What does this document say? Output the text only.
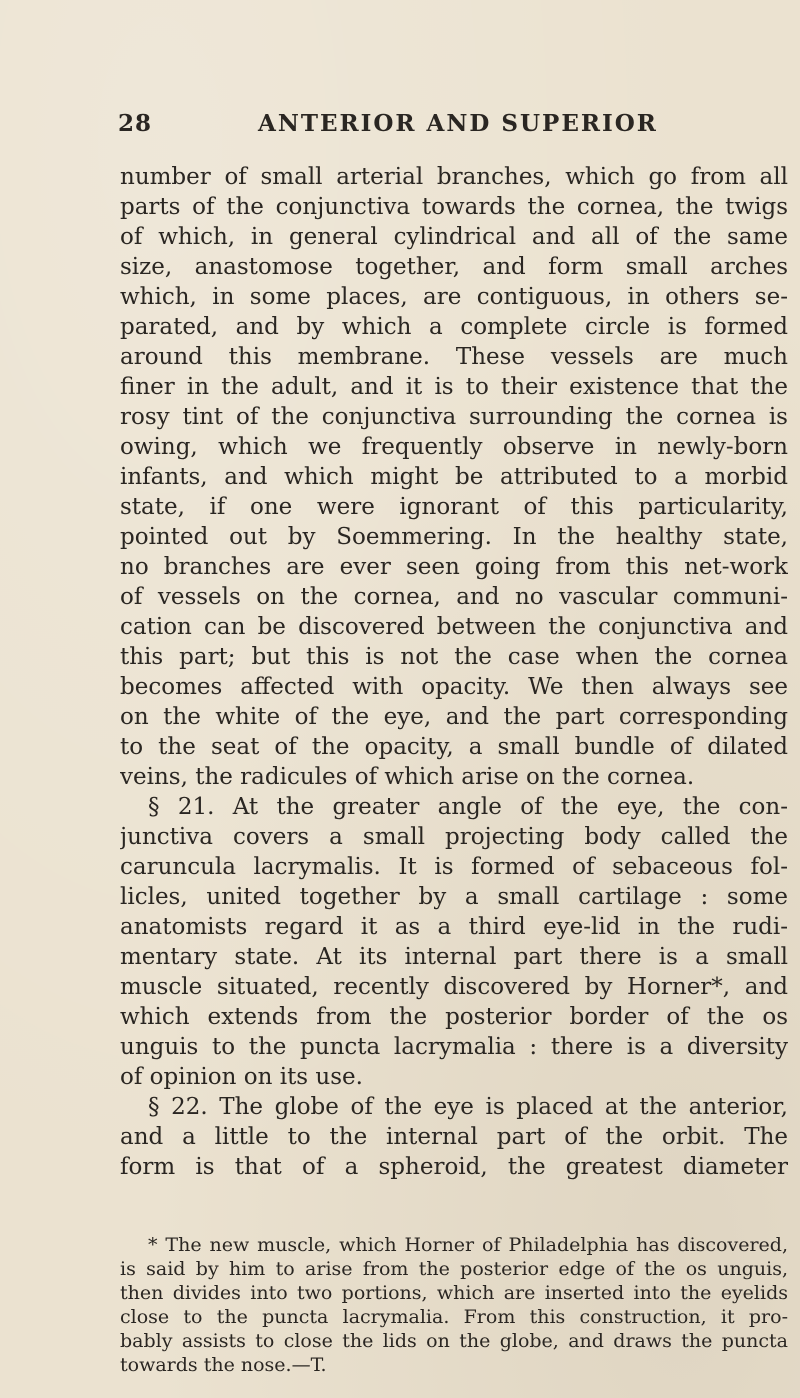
28	ANTERIOR AND SUPERIOR
number of small arterial branches, which go from all
parts of the conjunctiva towards the cornea, the twigs
of which, in general cylindrical and all of the same
size, anastomose together, and form small arches
which, in some places, are contiguous, in others se-
parated, and by which a complete circle is formed
around this membrane. These vessels are much
finer in the adult, and it is to their existence that the
rosy tint of the conjunctiva surrounding the cornea is
owing, which we frequently observe in newly-born
infants, and which might be attributed to a morbid
state, if one were ignorant of this particularity,
pointed out by Soemmering. In the healthy state,
no branches are ever seen going from this net-work
of vessels on the cornea, and no vascular communi-
cation can be discovered between the conjunctiva and
this part; but this is not the case when the cornea
becomes affected with opacity. We then always see
on the white of the eye, and the part corresponding
to the seat of the opacity, a small bundle of dilated
veins, the radicules of which arise on the cornea.
§ 21. At the greater angle of the eye, the con-
junctiva covers a small projecting body called the
caruncula lacrymalis. It is formed of sebaceous fol-
licles, united together by a small cartilage : some
anatomists regard it as a third eye-lid in the rudi-
mentary state. At its internal part there is a small
muscle situated, recently discovered by Horner*, and
which extends from the posterior border of the os
unguis to the puncta lacrymalia : there is a diversity
of opinion on its use.
§ 22. The globe of the eye is placed at the anterior,
and a little to the internal part of the orbit. The
form is that of a spheroid, the greatest diameter
* The new muscle, which Horner of Philadelphia has discovered,
is said by him to arise from the posterior edge of the os unguis,
then divides into two portions, which are inserted into the eyelids
close to the puncta lacrymalia. From this construction, it pro-
bably assists to close the lids on the globe, and draws the puncta
towards the nose.—T.
